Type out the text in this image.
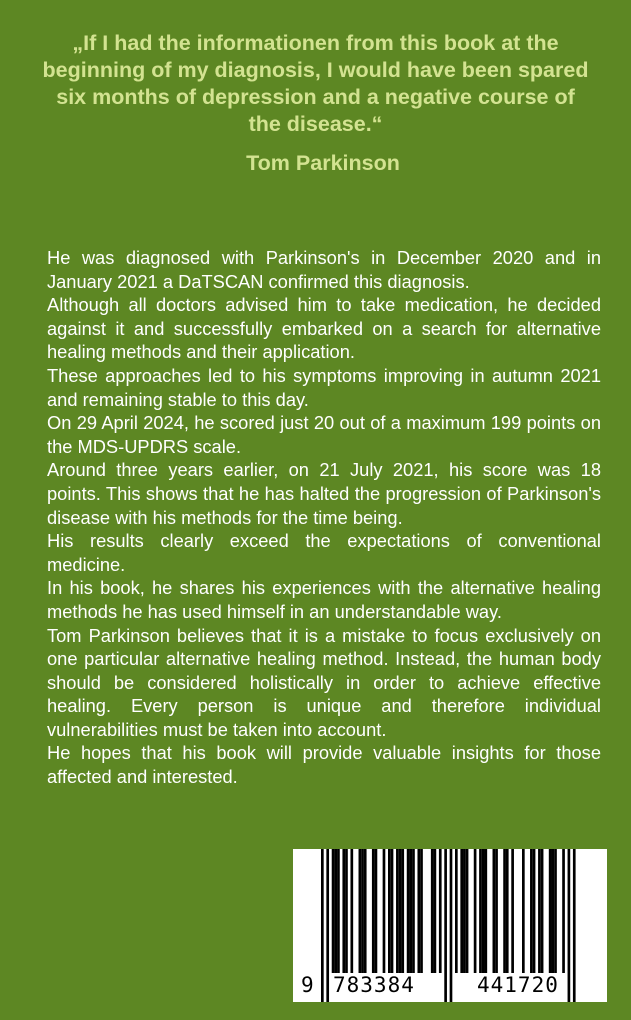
„If I had the informationen from this book at the beginning of my diagnosis, I would have been spared six months of depression and a negative course of the disease.“

Tom Parkinson

He was diagnosed with Parkinson's in December 2020 and in January 2021 a DaTSCAN confirmed this diagnosis.

Although all doctors advised him to take medication, he decided against it and successfully embarked on a search for alternative healing methods and their application.

These approaches led to his symptoms improving in autumn 2021 and remaining stable to this day.

On 29 April 2024, he scored just 20 out of a maximum 199 points on the MDS-UPDRS scale.

Around three years earlier, on 21 July 2021, his score was 18 points. This shows that he has halted the progression of Parkinson's disease with his methods for the time being.

His results clearly exceed the expectations of conventional medicine.

In his book, he shares his experiences with the alternative healing methods he has used himself in an understandable way.

Tom Parkinson believes that it is a mistake to focus exclusively on one particular alternative healing method. Instead, the human body should be considered holistically in order to achieve effective healing. Every person is unique and therefore individual vulnerabilities must be taken into account.

He hopes that his book will provide valuable insights for those affected and interested.

9 783384	441720
